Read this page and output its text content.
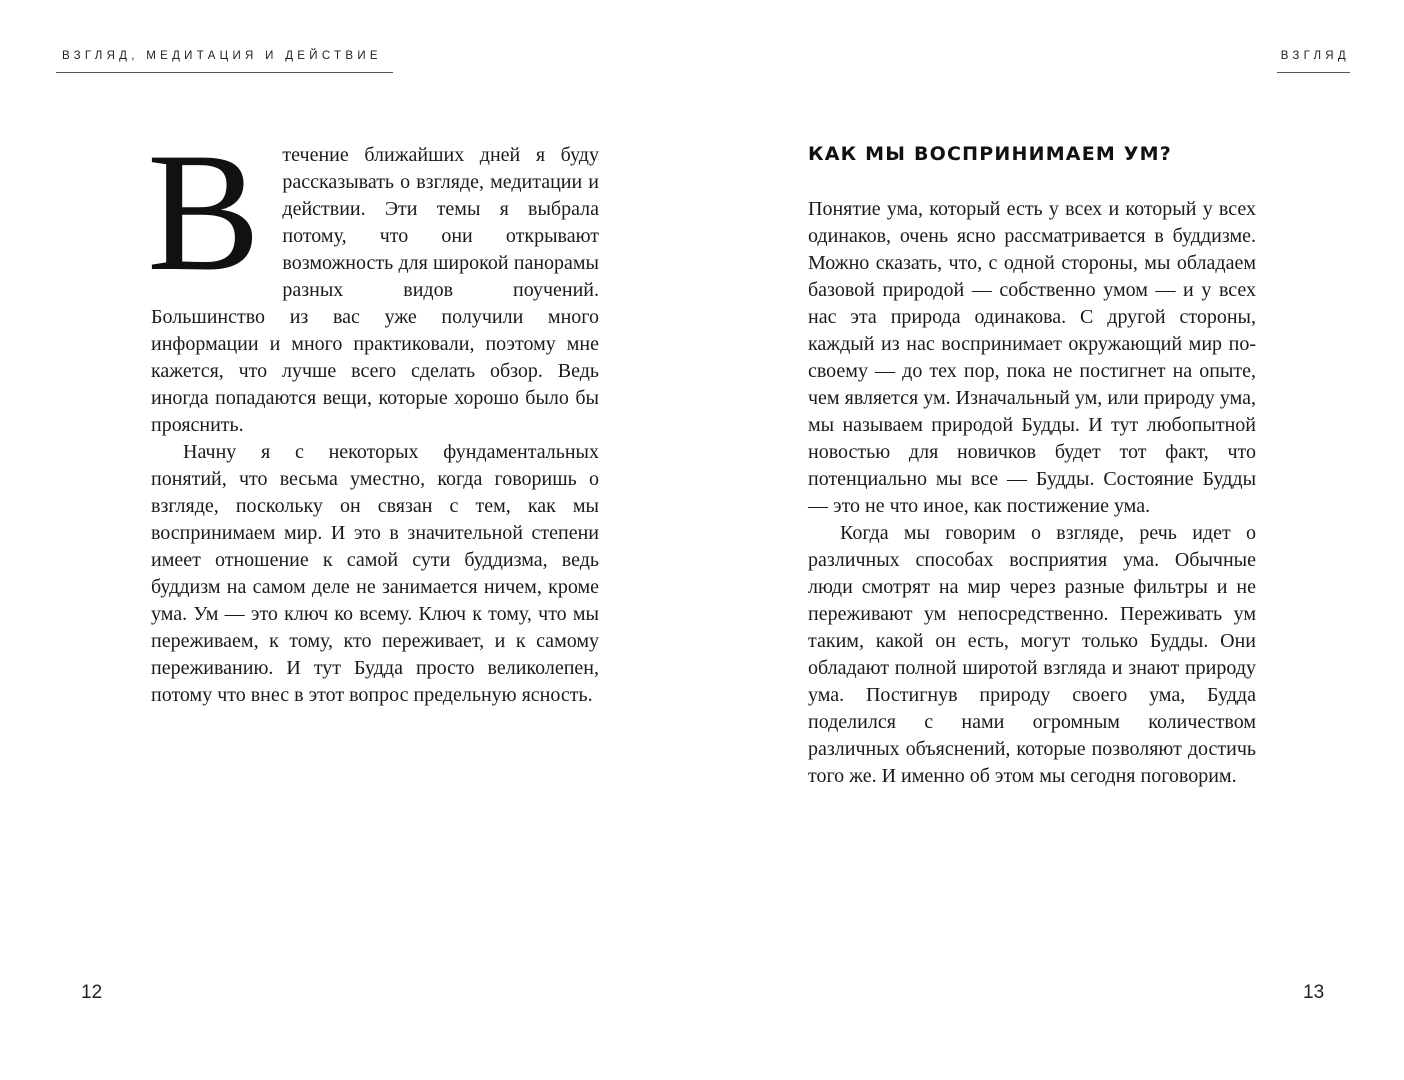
ВЗГЛЯД, МЕДИТАЦИЯ И ДЕЙСТВИЕ

В течение ближайших дней я буду рассказывать о взгляде, медитации и действии. Эти темы я выбрала потому, что они открывают возможность для широкой панорамы разных видов поучений. Большинство из вас уже получили много информации и много практиковали, поэтому мне кажется, что лучше всего сделать обзор. Ведь иногда попадаются вещи, которые хорошо было бы прояснить.

Начну я с некоторых фундаментальных понятий, что весьма уместно, когда говоришь о взгляде, поскольку он связан с тем, как мы воспринимаем мир. И это в значительной степени имеет отношение к самой сути буддизма, ведь буддизм на самом деле не занимается ничем, кроме ума. Ум — это ключ ко всему. Ключ к тому, что мы переживаем, к тому, кто переживает, и к самому переживанию. И тут Будда просто великолепен, потому что внес в этот вопрос предельную ясность.

12
ВЗГЛЯД
КАК МЫ ВОСПРИНИМАЕМ УМ?

Понятие ума, который есть у всех и который у всех одинаков, очень ясно рассматривается в буддизме. Можно сказать, что, с одной стороны, мы обладаем базовой природой — собственно умом — и у всех нас эта природа одинакова. С другой стороны, каждый из нас воспринимает окружающий мир по-своему — до тех пор, пока не постигнет на опыте, чем является ум. Изначальный ум, или природу ума, мы называем природой Будды. И тут любопытной новостью для новичков будет тот факт, что потенциально мы все — Будды. Состояние Будды — это не что иное, как постижение ума.

Когда мы говорим о взгляде, речь идет о различных способах восприятия ума. Обычные люди смотрят на мир через разные фильтры и не переживают ум непосредственно. Переживать ум таким, какой он есть, могут только Будды. Они обладают полной широтой взгляда и знают природу ума. Постигнув природу своего ума, Будда поделился с нами огромным количеством различных объяснений, которые позволяют достичь того же. И именно об этом мы сегодня поговорим.

13
